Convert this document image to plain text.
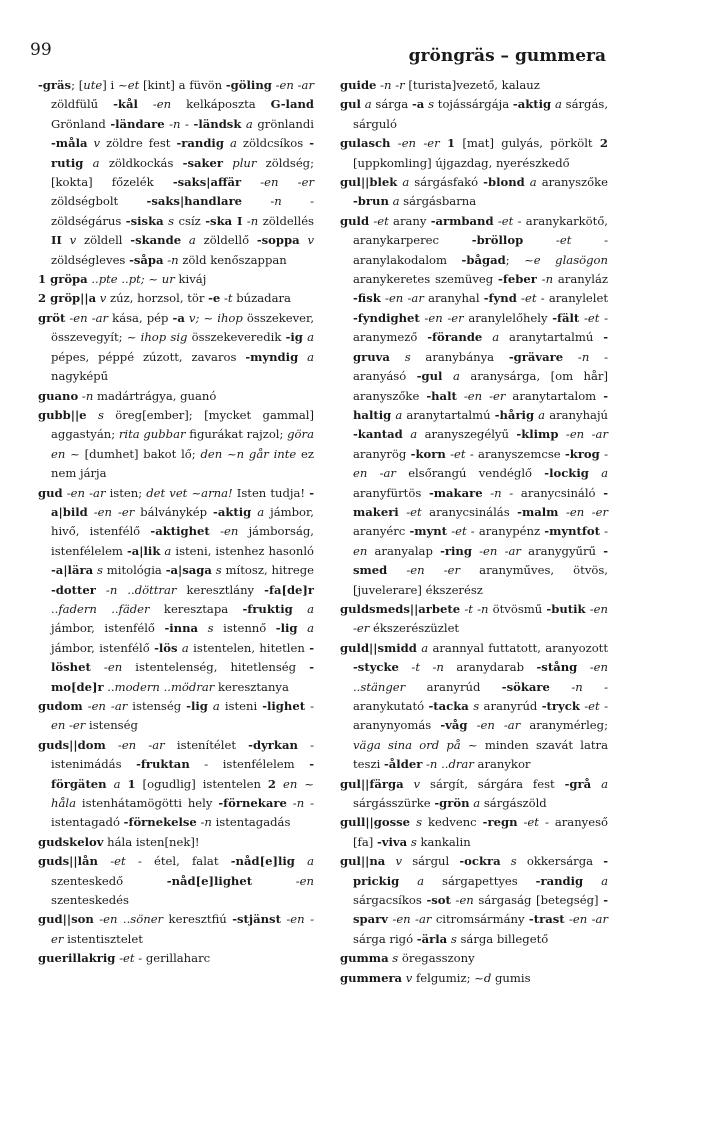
99	gröngräs – gummera

-gräs; [ute] i ~et [kint] a füvön -göling -en -ar zöldfülű -kål -en kelkáposzta G-land Grönland -ländare -n - -ländsk a grönlandi -måla v zöldre fest -randig a zöldcsíkos -rutig a zöldkockás -saker plur zöldség; [kokta] főzelék -saks|affär -en -er zöldségbolt -saks|handlare -n - zöldségárus -siska s csíz -ska I -n zöldellés II v zöldell -skande a zöldellő -soppa v zöldségleves -såpa -n zöld kenőszappan

1 gröpa ..pte ..pt; ~ ur kiváj

2 gröp||a v zúz, horzsol, tör -e -t búzadara

gröt -en -ar kása, pép -a v; ~ ihop összekever, összevegyít; ~ ihop sig összekeveredik -ig a pépes, péppé zúzott, zavaros -myndig a nagyképű

guano -n madártrágya, guanó

gubb||e s öreg[ember]; [mycket gammal] aggastyán; rita gubbar figurákat rajzol; göra en ~ [dumhet] bakot lő; den ~n går inte ez nem járja

gud -en -ar isten; det vet ~arna! Isten tudja! -a|bild -en -er bálványkép -aktig a jámbor, hivő, istenfélő -aktighet -en jámborság, istenfélelem -a|lik a isteni, istenhez hasonló -a|lära s mitológia -a|saga s mítosz, hitrege -dotter -n ..döttrar keresztlány -fa[de]r ..fadern ..fäder keresztapa -fruktig a jámbor, istenfélő -inna s istennő -lig a jámbor, istenfélő -lös a istentelen, hitetlen -löshet -en istentelenség, hitetlenség -mo[de]r ..modern ..mödrar keresztanya

gudom -en -ar istenség -lig a isteni -lighet -en -er istenség

guds||dom -en -ar istenítélet -dyrkan - istenimádás -fruktan - istenfélelem -förgäten a 1 [ogudlig] istentelen 2 en ~ håla istenhátamögötti hely -förnekare -n - istentagadó -förnekelse -n istentagadás

gudskelov hála isten[nek]!

guds||lån -et - étel, falat -nåd[e]lig a szenteskedő -nåd[e]lighet	-en szenteskedés

gud||son -en ..söner keresztfiú -stjänst -en -er istentisztelet

guerillakrig -et - gerillaharc

guide -n -r [turista]vezető, kalauz

gul a sárga -a s tojássárgája -aktig a sárgás, sárguló

gulasch -en -er 1 [mat] gulyás, pörkölt 2 [uppkomling] újgazdag, nyerészkedő

gul||blek a sárgásfakó -blond a aranyszőke -brun a sárgásbarna

guld -et arany -armband -et - aranykarkötő, aranykarperec -bröllop	-et - aranylakodalom -bågad; ~e glasögon aranykeretes szemüveg -feber -n aranyláz -fisk -en -ar aranyhal -fynd -et - aranylelet -fyndighet -en -er aranylelőhely -fält -et - aranymező -förande a aranytartalmú -gruva s aranybánya -grävare -n - aranyásó -gul a aranysárga, [om hår] aranyszőke -halt -en -er aranytartalom -haltig a aranytartalmú -hårig a aranyhajú -kantad a aranyszegélyű -klimp -en -ar aranyrög -korn -et - aranyszemcse -krog -en -ar elsőrangú vendéglő -lockig a aranyfürtös -makare -n - aranycsináló -makeri -et aranycsinálás -malm -en -er aranyérc -mynt -et - aranypénz -myntfot -en aranyalap -ring -en -ar aranygyűrű -smed -en -er aranyműves, ötvös, [juvelerare] ékszerész

guldsmeds||arbete -t -n ötvösmű -butik -en -er ékszerészüzlet

guld||smidd a arannyal futtatott, aranyozott -stycke -t -n aranydarab -stång -en ..stänger aranyrúd -sökare -n - aranykutató -tacka s aranyrúd -tryck -et - aranynyomás -våg -en -ar aranymérleg; väga sina ord på ~ minden szavát latra teszi -ålder -n ..drar aranykor

gul||färga v sárgít, sárgára fest -grå a sárgásszürke -grön a sárgászöld

gull||gosse s kedvenc -regn -et - aranyeső [fa] -viva s kankalin

gul||na v sárgul -ockra s okkersárga -prickig a sárgapettyes -randig a sárgacsíkos -sot -en sárgaság [betegség] -sparv -en -ar citromsármány -trast -en -ar sárga rigó -ärla s sárga billegető

gumma s öregasszony

gummera v felgumiz; ~d gumis
